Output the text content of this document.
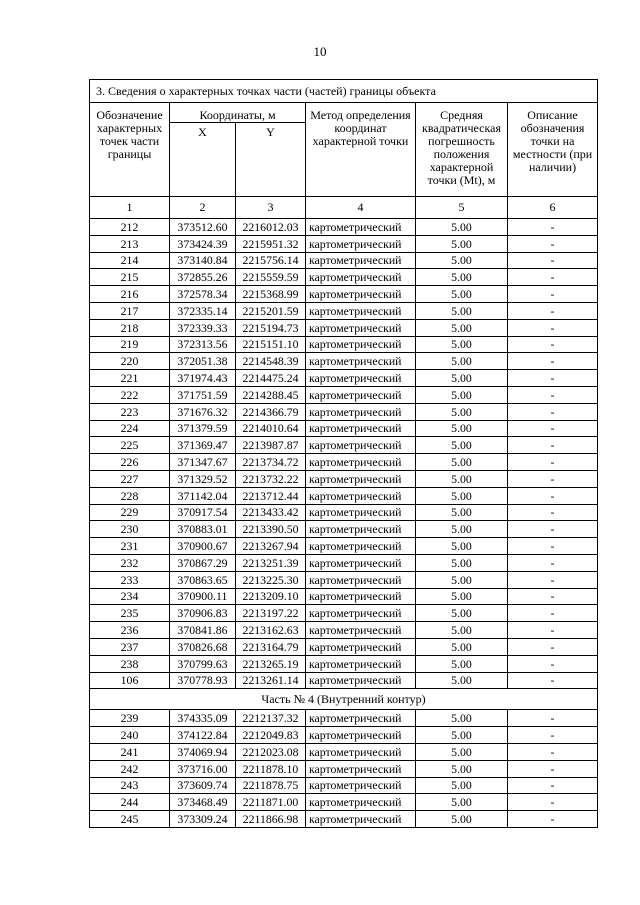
10
3. Сведения о характерных точках части (частей) границы объекта					
Обозначение характерных точек части границы	Координаты, м		Метод определения координат характерной точки	Средняя квадратическая погрешность положения характерной точки (Mt), м	Описание обозначения точки на местности (при наличии)
	X	Y			
1	2	3	4	5	6
212	373512.60	2216012.03	картометрический	5.00	-
213	373424.39	2215951.32	картометрический	5.00	-
214	373140.84	2215756.14	картометрический	5.00	-
215	372855.26	2215559.59	картометрический	5.00	-
216	372578.34	2215368.99	картометрический	5.00	-
217	372335.14	2215201.59	картометрический	5.00	-
218	372339.33	2215194.73	картометрический	5.00	-
219	372313.56	2215151.10	картометрический	5.00	-
220	372051.38	2214548.39	картометрический	5.00	-
221	371974.43	2214475.24	картометрический	5.00	-
222	371751.59	2214288.45	картометрический	5.00	-
223	371676.32	2214366.79	картометрический	5.00	-
224	371379.59	2214010.64	картометрический	5.00	-
225	371369.47	2213987.87	картометрический	5.00	-
226	371347.67	2213734.72	картометрический	5.00	-
227	371329.52	2213732.22	картометрический	5.00	-
228	371142.04	2213712.44	картометрический	5.00	-
229	370917.54	2213433.42	картометрический	5.00	-
230	370883.01	2213390.50	картометрический	5.00	-
231	370900.67	2213267.94	картометрический	5.00	-
232	370867.29	2213251.39	картометрический	5.00	-
233	370863.65	2213225.30	картометрический	5.00	-
234	370900.11	2213209.10	картометрический	5.00	-
235	370906.83	2213197.22	картометрический	5.00	-
236	370841.86	2213162.63	картометрический	5.00	-
237	370826.68	2213164.79	картометрический	5.00	-
238	370799.63	2213265.19	картометрический	5.00	-
106	370778.93	2213261.14	картометрический	5.00	-
Часть № 4 (Внутренний контур)					
239	374335.09	2212137.32	картометрический	5.00	-
240	374122.84	2212049.83	картометрический	5.00	-
241	374069.94	2212023.08	картометрический	5.00	-
242	373716.00	2211878.10	картометрический	5.00	-
243	373609.74	2211878.75	картометрический	5.00	-
244	373468.49	2211871.00	картометрический	5.00	-
245	373309.24	2211866.98	картометрический	5.00	-
